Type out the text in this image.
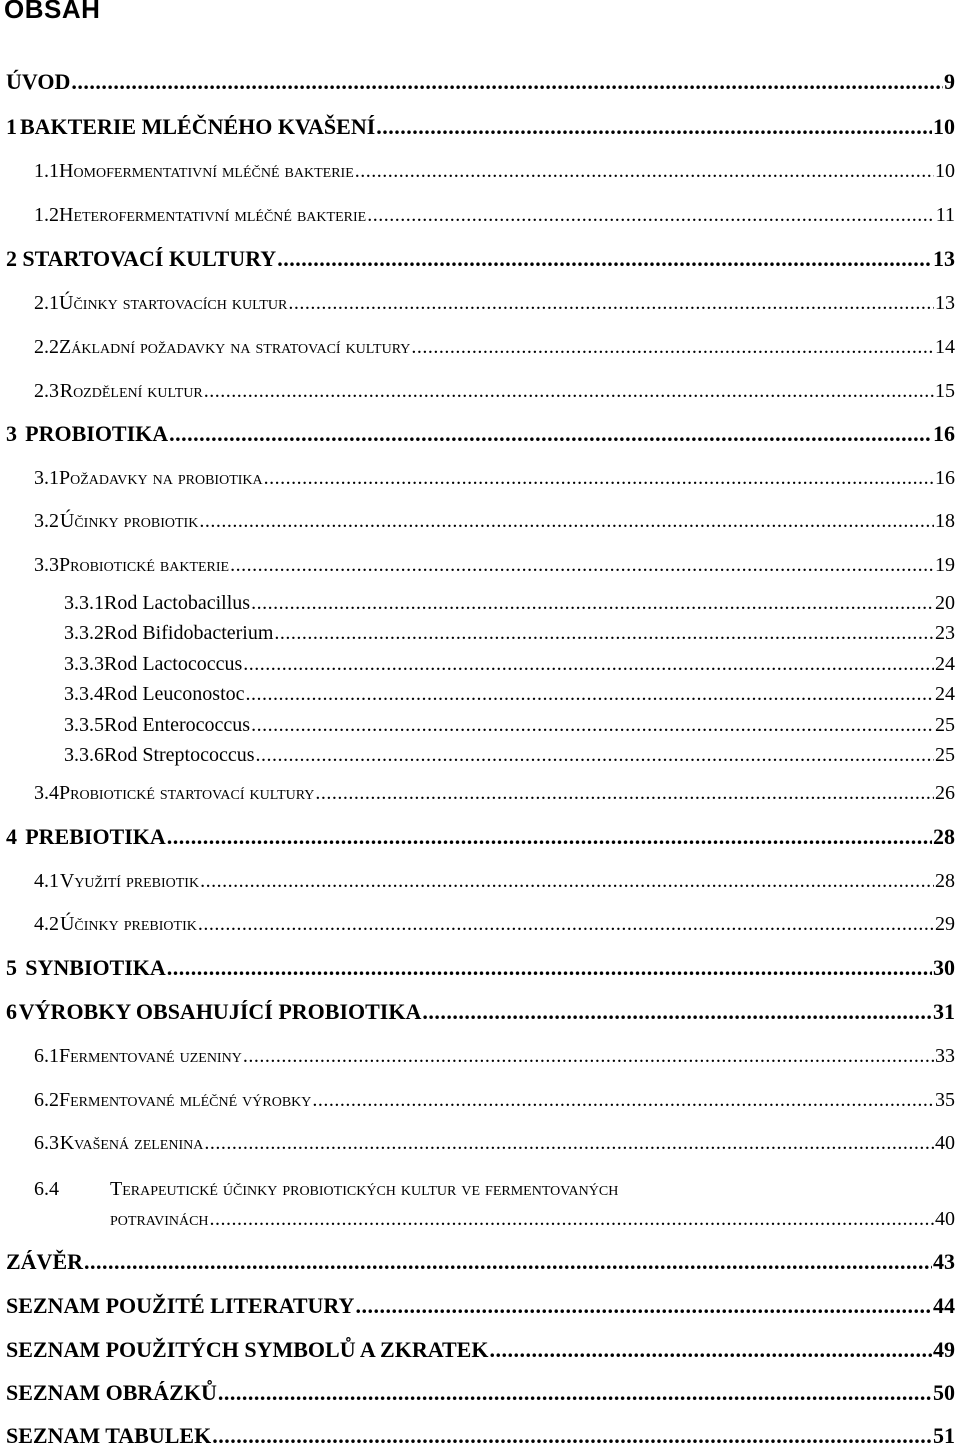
OBSAH
ÚVOD .....	9
1 BAKTERIE MLÉČNÉHO KVAŠENÍ .....	10
1.1 Homofermentativní mléčné bakterie .....	10
1.2 Heterofermentativní mléčné bakterie .....	11
2 STARTOVACÍ KULTURY .....	13
2.1 Účinky startovacích kultur .....	13
2.2 Základní požadavky na stratovací kultury .....	14
2.3 Rozdělení kultur .....	15
3 PROBIOTIKA .....	16
3.1 Požadavky na probiotika .....	16
3.2 Účinky probiotik .....	18
3.3 Probiotické bakterie .....	19
3.3.1 Rod Lactobacillus .....	20
3.3.2 Rod Bifidobacterium .....	23
3.3.3 Rod Lactococcus .....	24
3.3.4 Rod Leuconostoc .....	24
3.3.5 Rod Enterococcus .....	25
3.3.6 Rod Streptococcus .....	25
3.4 Probiotické startovací kultury .....	26
4 PREBIOTIKA .....	28
4.1 Využití prebiotik .....	28
4.2 Účinky prebiotik .....	29
5 SYNBIOTIKA .....	30
6 VÝROBKY OBSAHUJÍCÍ PROBIOTIKA .....	31
6.1 Fermentované uzeniny .....	33
6.2 Fermentované mléčné výrobky .....	35
6.3 Kvašená zelenina .....	40
6.4	Terapeutické účinky probiotických kultur ve fermentovaných
potravinách .....	40
ZÁVĚR .....	43
SEZNAM POUŽITÉ LITERATURY .....	44
SEZNAM POUŽITÝCH SYMBOLŮ A ZKRATEK .....	49
SEZNAM OBRÁZKŮ .....	50
SEZNAM TABULEK .....	51
